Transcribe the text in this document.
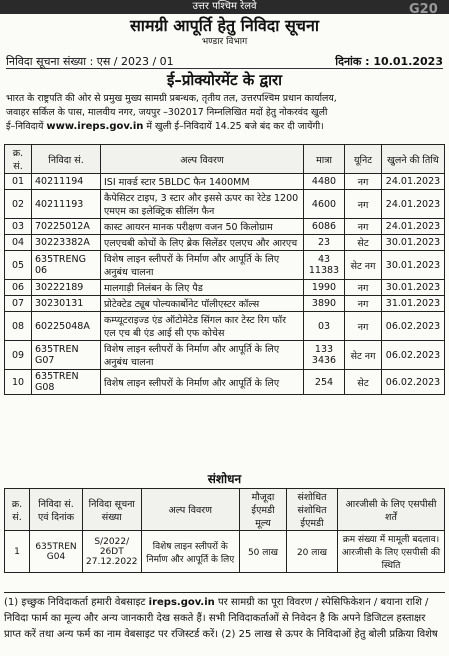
उत्तर पश्चिम रेलवे	G20
सामग्री आपूर्ति हेतु निविदा सूचना
भण्डार विभाग
निविदा सूचना संख्या : एस / 2023 / 01	दिनांक : 10.01.2023
ई–प्रोक्योरमेंट के द्वारा
भारत के राष्ट्रपति की ओर से प्रमुख मुख्य सामग्री प्रबन्धक, तृतीय तल, उत्तरपश्चिम प्रधान कार्यालय,
जवाहर सर्किल के पास, मालवीय नगर, जयपुर –302017 निम्नलिखित मदों हेतु नोकरवंद खुली
ई–निविदायें www.ireps.gov.in में खुली ई–निविदायें 14.25 बजे बंद कर दी जायेंगी।
क्र. सं.	निविदा सं.	अल्प विवरण	मात्रा	यूनिट	खुलने की तिथि
01	40211194	ISI मार्क्ड स्टार 5BLDC फैन 1400MM	4480	नग	24.01.2023
02	40211193	कैपेसिटर टाइप, 3 स्टार और इससे ऊपर का रेटेड 1200 एमएम का इलेक्ट्रिक सीलिंग फैन	4600	नग	24.01.2023
03	70225012A	कास्ट आयरन मानक परीक्षण वजन 50 किलोग्राम	6086	नग	24.01.2023
04	30223382A	एलएचबी कोचों के लिए ब्रेक सिलेंडर एलएच और आरएच	23	सेट	30.01.2023
05	635TRENG 06	विशेष लाइन स्लीपरों के निर्माण और आपूर्ति के लिए अनुबंध चालना	43 11383	सेट नग	30.01.2023
06	30222189	मालगाड़ी निलंबन के लिए पैड	1990	नग	30.01.2023
07	30230131	प्रोटेक्टेड ट्यूब पोल्यकार्बोनेट पॉलीएस्टर कॉल्स	3890	नग	31.01.2023
08	60225048A	कम्प्यूटराइज्ड एंड ऑटोमेटेड सिंगल कार टेस्ट रिग फॉर एल एच बी एंड आई सी एफ कोचेस	03	नग	06.02.2023
09	635TREN G07	विशेष लाइन स्लीपरों के निर्माण और आपूर्ति के लिए अनुबंध चालना	133 3436	सेट नग	06.02.2023
10	635TREN G08	विशेष लाइन स्लीपरों के निर्माण और आपूर्ति के लिए	254	सेट	06.02.2023
संशोधन
क्र. सं.	निविदा सं. एवं दिनांक	निविदा सूचना संख्या	अल्प विवरण	मौजूदा ईएमडी मूल्य	संशोधित संशोधित ईएमडी	आरजीसी के लिए एसपीसी शर्तें
1	635TREN G04	S/2022/ 26DT 27.12.2022	विशेष लाइन स्लीपरों के निर्माण और आपूर्ति के लिए	50 लाख	20 लाख	क्रम संख्या में मामूली बदलाव। आरजीसी के लिए एसपीसी की स्थिति
(1) इच्छुक निविदाकर्ता हमारी वेबसाइट ireps.gov.in पर सामग्री का पूरा विवरण / स्पेसिफिकेशन / बयाना राशि / निविदा फार्म का मूल्य और अन्य जानकारी देख सकते हैं। सभी निविदाकर्ताओं से निवेदन है कि अपने डिजिटल हस्ताक्षर प्राप्त करें तथा अन्य फर्म का नाम वेबसाइट पर रजिस्टर्ड करें। (2) 25 लाख से ऊपर के निविदाओं हेतु बोली प्रक्रिया विशेष
